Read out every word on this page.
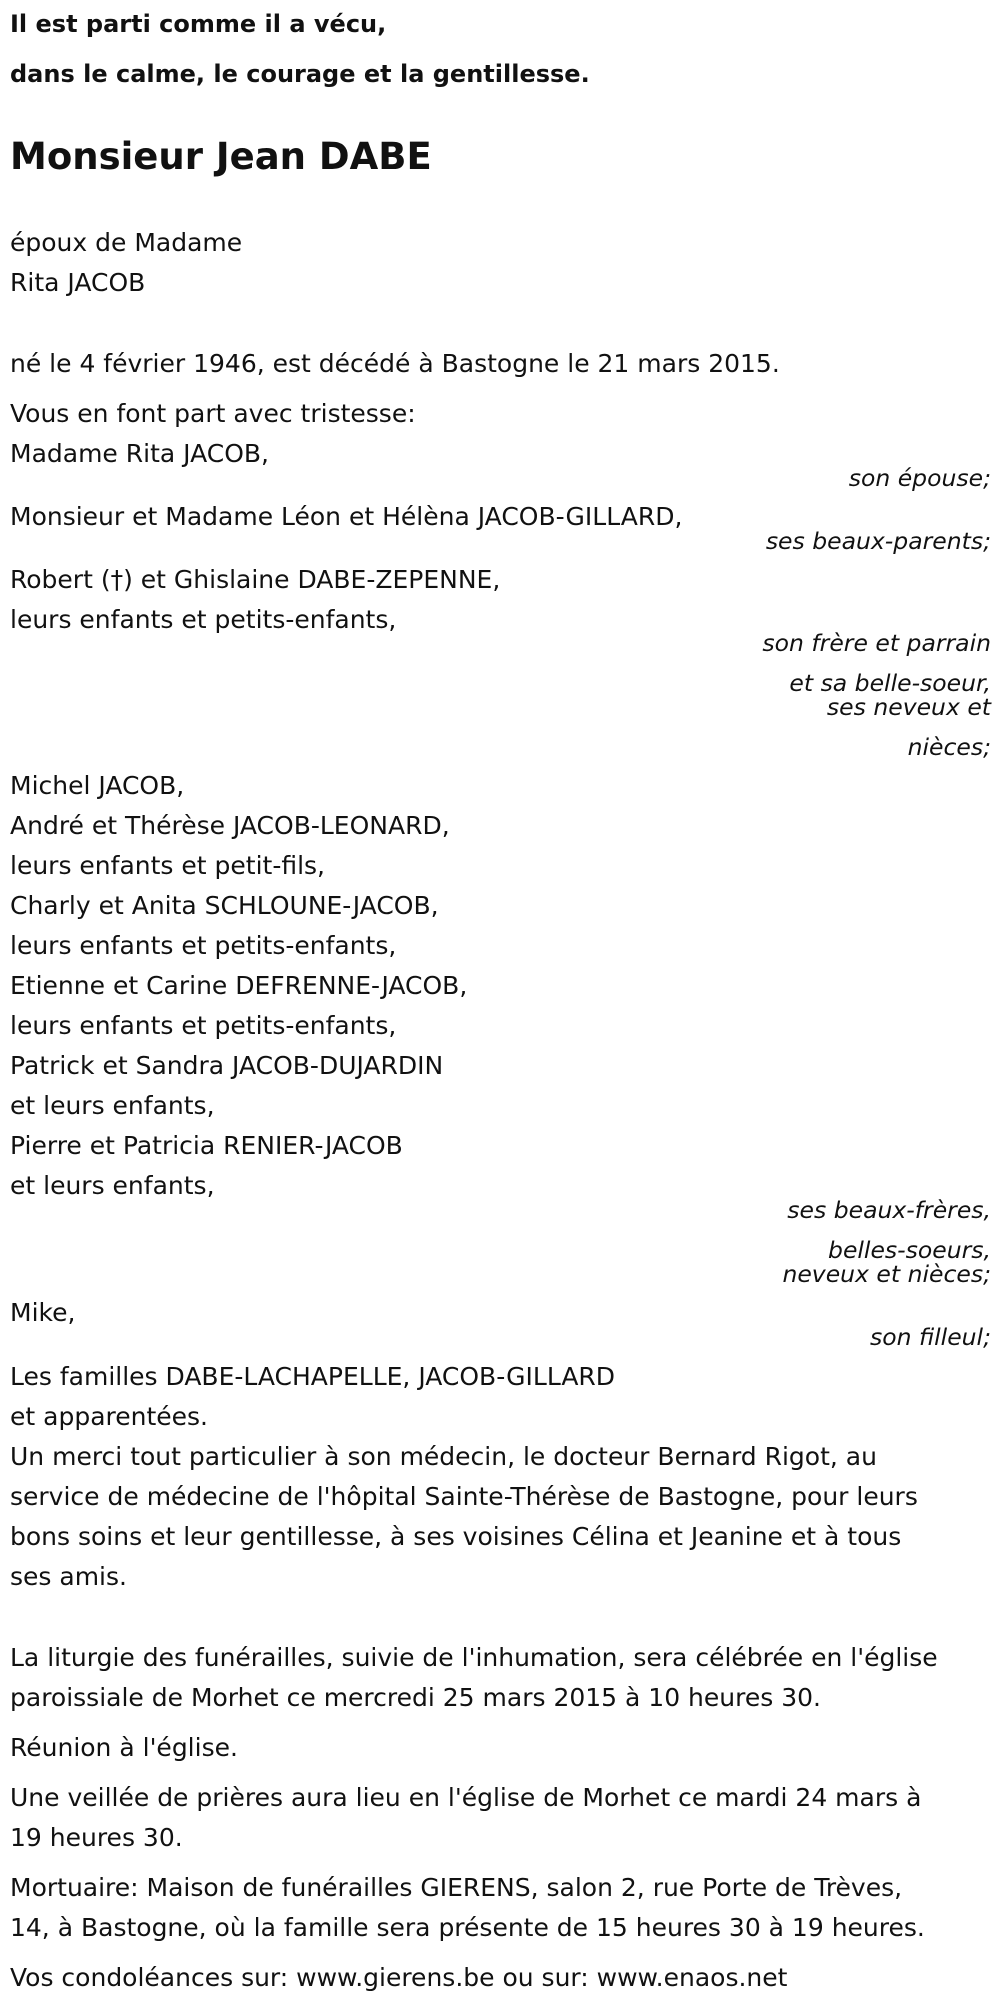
Il est parti comme il a vécu,
dans le calme, le courage et la gentillesse.
Monsieur Jean DABE
époux de Madame
Rita JACOB
né le 4 février 1946, est décédé à Bastogne le 21 mars 2015.
Vous en font part avec tristesse:
Madame Rita JACOB,
son épouse;
Monsieur et Madame Léon et Hélèna JACOB-GILLARD,
ses beaux-parents;
Robert (†) et Ghislaine DABE-ZEPENNE,
leurs enfants et petits-enfants,
son frère et parrain
et sa belle-soeur,
ses neveux et
nièces;
Michel JACOB,
André et Thérèse JACOB-LEONARD,
leurs enfants et petit-fils,
Charly et Anita SCHLOUNE-JACOB,
leurs enfants et petits-enfants,
Etienne et Carine DEFRENNE-JACOB,
leurs enfants et petits-enfants,
Patrick et Sandra JACOB-DUJARDIN
et leurs enfants,
Pierre et Patricia RENIER-JACOB
et leurs enfants,
ses beaux-frères,
belles-soeurs,
neveux et nièces;
Mike,
son filleul;
Les familles DABE-LACHAPELLE, JACOB-GILLARD
et apparentées.
Un merci tout particulier à son médecin, le docteur Bernard Rigot, au
service de médecine de l'hôpital Sainte-Thérèse de Bastogne, pour leurs
bons soins et leur gentillesse, à ses voisines Célina et Jeanine et à tous
ses amis.
La liturgie des funérailles, suivie de l'inhumation, sera célébrée en l'église
paroissiale de Morhet ce mercredi 25 mars 2015 à 10 heures 30.
Réunion à l'église.
Une veillée de prières aura lieu en l'église de Morhet ce mardi 24 mars à
19 heures 30.
Mortuaire: Maison de funérailles GIERENS, salon 2, rue Porte de Trèves,
14, à Bastogne, où la famille sera présente de 15 heures 30 à 19 heures.
Vos condoléances sur: www.gierens.be ou sur: www.enaos.net
